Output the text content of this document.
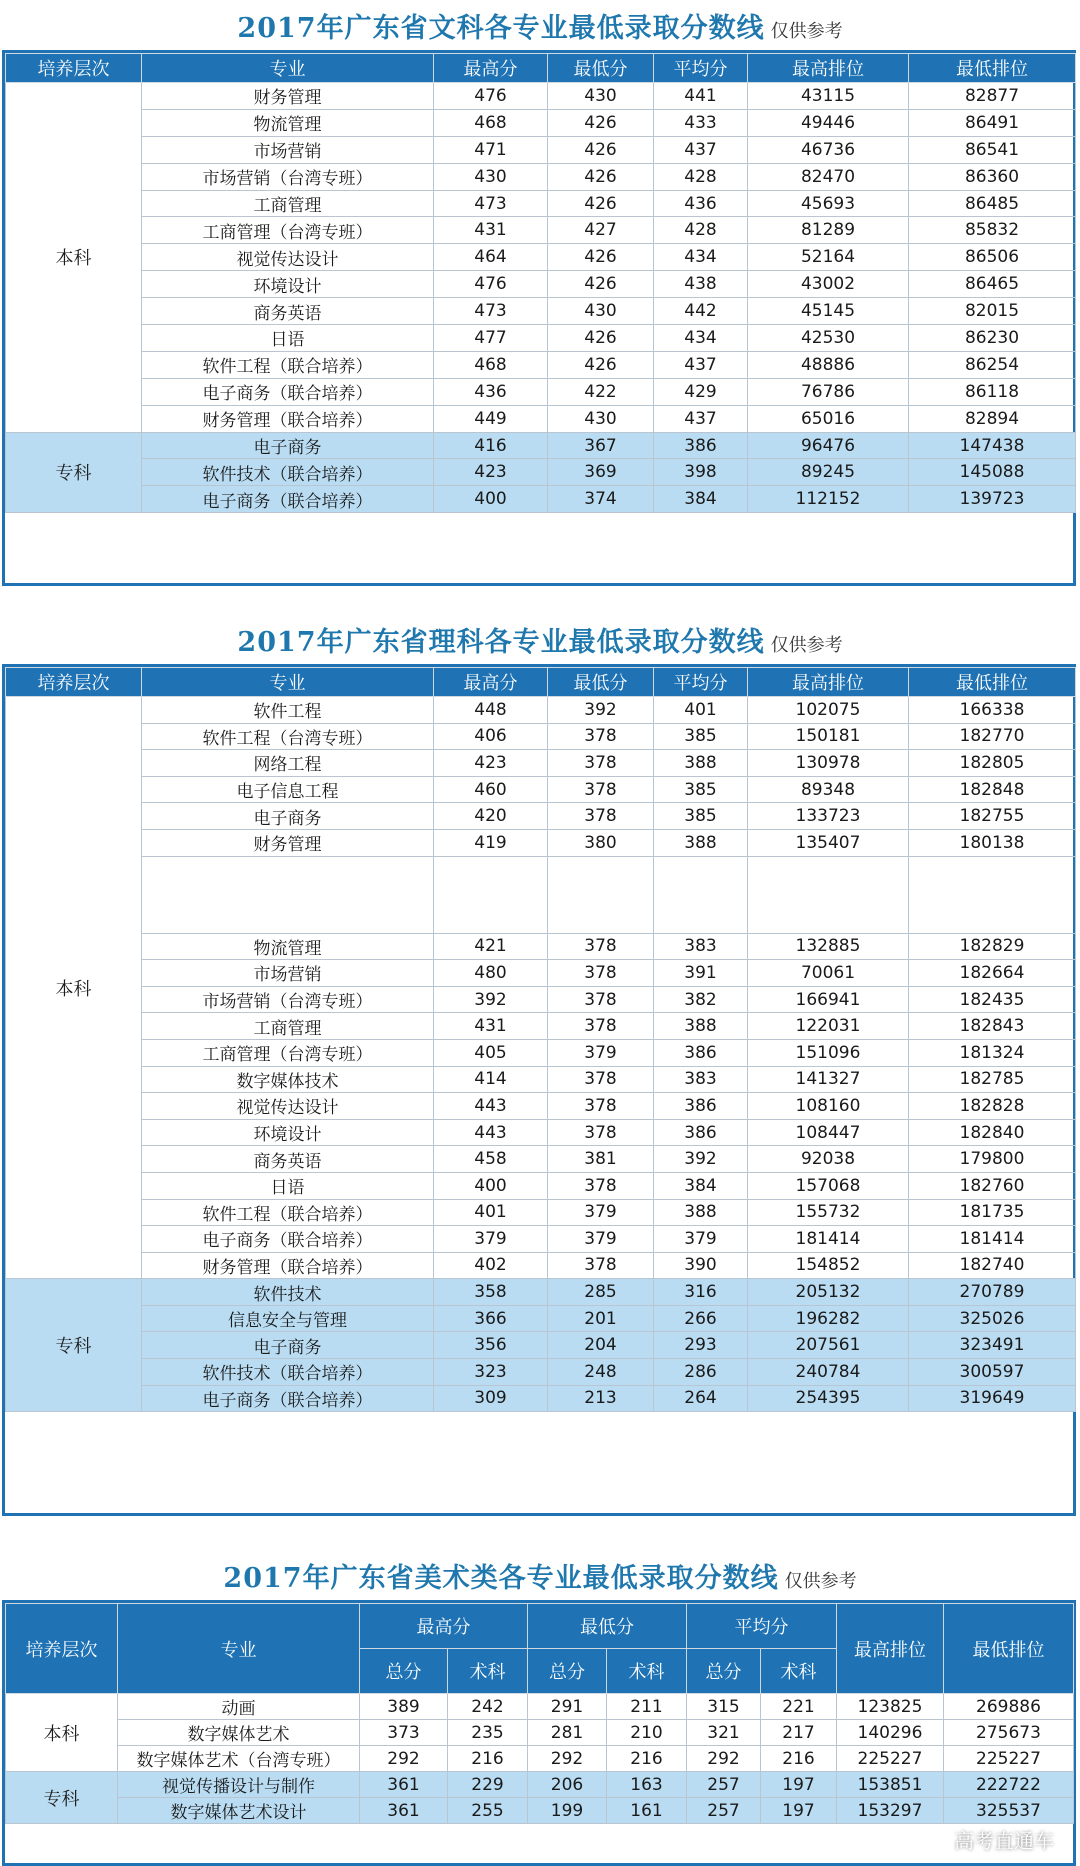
2017年广东省文科各专业最低录取分数线 仅供参考
培养层次	专业	最高分	最低分	平均分	最高排位	最低排位
本科	财务管理	476	430	441	43115	82877
	物流管理	468	426	433	49446	86491
	市场营销	471	426	437	46736	86541
	市场营销（台湾专班）	430	426	428	82470	86360
	工商管理	473	426	436	45693	86485
	工商管理（台湾专班）	431	427	428	81289	85832
	视觉传达设计	464	426	434	52164	86506
	环境设计	476	426	438	43002	86465
	商务英语	473	430	442	45145	82015
	日语	477	426	434	42530	86230
	软件工程（联合培养）	468	426	437	48886	86254
	电子商务（联合培养）	436	422	429	76786	86118
	财务管理（联合培养）	449	430	437	65016	82894
专科	电子商务	416	367	386	96476	147438
	软件技术（联合培养）	423	369	398	89245	145088
	电子商务（联合培养）	400	374	384	112152	139723
2017年广东省理科各专业最低录取分数线 仅供参考
培养层次	专业	最高分	最低分	平均分	最高排位	最低排位
本科	软件工程	448	392	401	102075	166338
	软件工程（台湾专班）	406	378	385	150181	182770
	网络工程	423	378	388	130978	182805
	电子信息工程	460	378	385	89348	182848
	电子商务	420	378	385	133723	182755
	财务管理	419	380	388	135407	180138

	物流管理	421	378	383	132885	182829
	市场营销	480	378	391	70061	182664
	市场营销（台湾专班）	392	378	382	166941	182435
	工商管理	431	378	388	122031	182843
	工商管理（台湾专班）	405	379	386	151096	181324
	数字媒体技术	414	378	383	141327	182785
	视觉传达设计	443	378	386	108160	182828
	环境设计	443	378	386	108447	182840
	商务英语	458	381	392	92038	179800
	日语	400	378	384	157068	182760
	软件工程（联合培养）	401	379	388	155732	181735
	电子商务（联合培养）	379	379	379	181414	181414
	财务管理（联合培养）	402	378	390	154852	182740
专科	软件技术	358	285	316	205132	270789
	信息安全与管理	366	201	266	196282	325026
	电子商务	356	204	293	207561	323491
	软件技术（联合培养）	323	248	286	240784	300597
	电子商务（联合培养）	309	213	264	254395	319649
2017年广东省美术类各专业最低录取分数线 仅供参考
培养层次	专业	最高分		最低分		平均分		最高排位	最低排位
		总分	术科	总分	术科	总分	术科		
本科	动画	389	242	291	211	315	221	123825	269886
	数字媒体艺术	373	235	281	210	321	217	140296	275673
	数字媒体艺术（台湾专班）	292	216	292	216	292	216	225227	225227
专科	视觉传播设计与制作	361	229	206	163	257	197	153851	222722
	数字媒体艺术设计	361	255	199	161	257	197	153297	325537
高考直通车
